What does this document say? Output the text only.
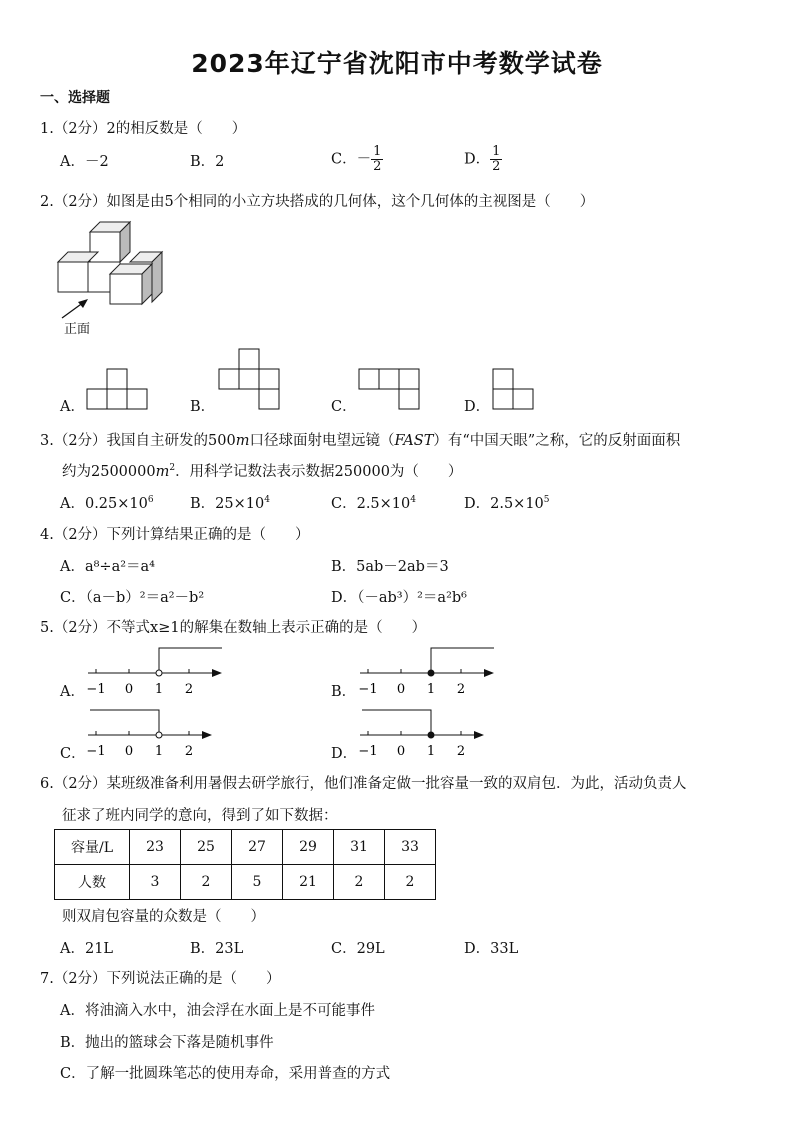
2023年辽宁省沈阳市中考数学试卷
一、选择题
1.（2分）2的相反数是（　　）
A．－2	B．2	C．－ $\frac{1}{2}$	D． $\frac{1}{2}$
2.（2分）如图是由5个相同的小立方块搭成的几何体，这个几何体的主视图是（　　）
正面
A．	B．	C．	D．
3.（2分）我国自主研发的500m口径球面射电望远镜（FAST）有“中国天眼”之称，它的反射面面积
约为$2500000m^2$．用科学记数法表示数据250000为（　　）
A．$0.25\times 10^6$	B．$25\times 10^4$	C．$2.5\times 10^4$	D．$2.5\times 10^5$
4.（2分）下列计算结果正确的是（　　）
A．a⁸÷a²＝a⁴	B．5ab－2ab＝3
C．（a－b）²＝a²－b²	D．（－ab³）²＝a²b⁶
5.（2分）不等式x≥1的解集在数轴上表示正确的是（　　）
A． −1 0 1 2	B． −1 0 1 2
C． −1 0 1 2	D． −1 0 1 2
6.（2分）某班级准备利用暑假去研学旅行，他们准备定做一批容量一致的双肩包．为此，活动负责人
征求了班内同学的意向，得到了如下数据：
容量/L	23	25	27	29	31	33
人数	3	2	5	21	2	2
则双肩包容量的众数是（　　）
A．21L	B．23L	C．29L	D．33L
7.（2分）下列说法正确的是（　　）
A．将油滴入水中，油会浮在水面上是不可能事件
B．抛出的篮球会下落是随机事件
C．了解一批圆珠笔芯的使用寿命，采用普查的方式
